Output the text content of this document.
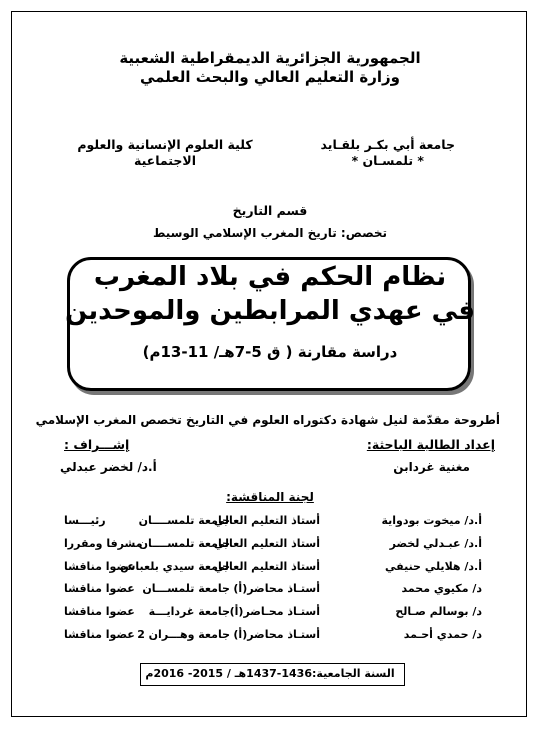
الجمهورية الجزائرية الديمقراطية الشعبية
وزارة التعليم العالي والبحث العلمي
جامعة أبي بكـر بلقـايد
* تلمسـان *
كلية العلوم الإنسانية والعلوم
الاجتماعية
قسم التاريخ
تخصص: تاريخ المغرب الإسلامي الوسيط
نظام الحكم في بلاد المغرب
في عهدي المرابطين والموحدين
دراسة مقارنة ( ق 5-7هـ/ 11-13م)
أطروحة مقدّمة لنيل شهادة دكتوراه العلوم في التاريخ تخصص المغرب الإسلامي
إعداد الطالبة الباحثة:
إشـــراف :
مغنية غردابن
أ.د/ لخضر عبدلي
لجنة المناقشة:
أ.د/ ميخوت بودواية
أستاذ التعليم العالي
جامعة تلمســــان
رئيـــسا
أ.د/ عبـدلي لخضر
أستاذ التعليم العالي
جامعة تلمســــان
مشرفا ومقررا
أ.د/ هلايلي حنيفي
أستاذ التعليم العالي
جامعة سيدي بلعباس
عضوا مناقشا
د/ مكيوي محمد
أستـاذ محاضر(أ)
جامعة تلمســـان
عضوا مناقشا
د/ بوسالم صـالح
أستـاذ محـاضر(أ)
جامعة غردايـــة
عضوا مناقشا
د/ حمدي أحـمد
أستـاذ محاضر(أ)
جامعة وهـــران 2
عضوا مناقشا
السنة الجامعية:1436-1437هـ / 2015- 2016م
